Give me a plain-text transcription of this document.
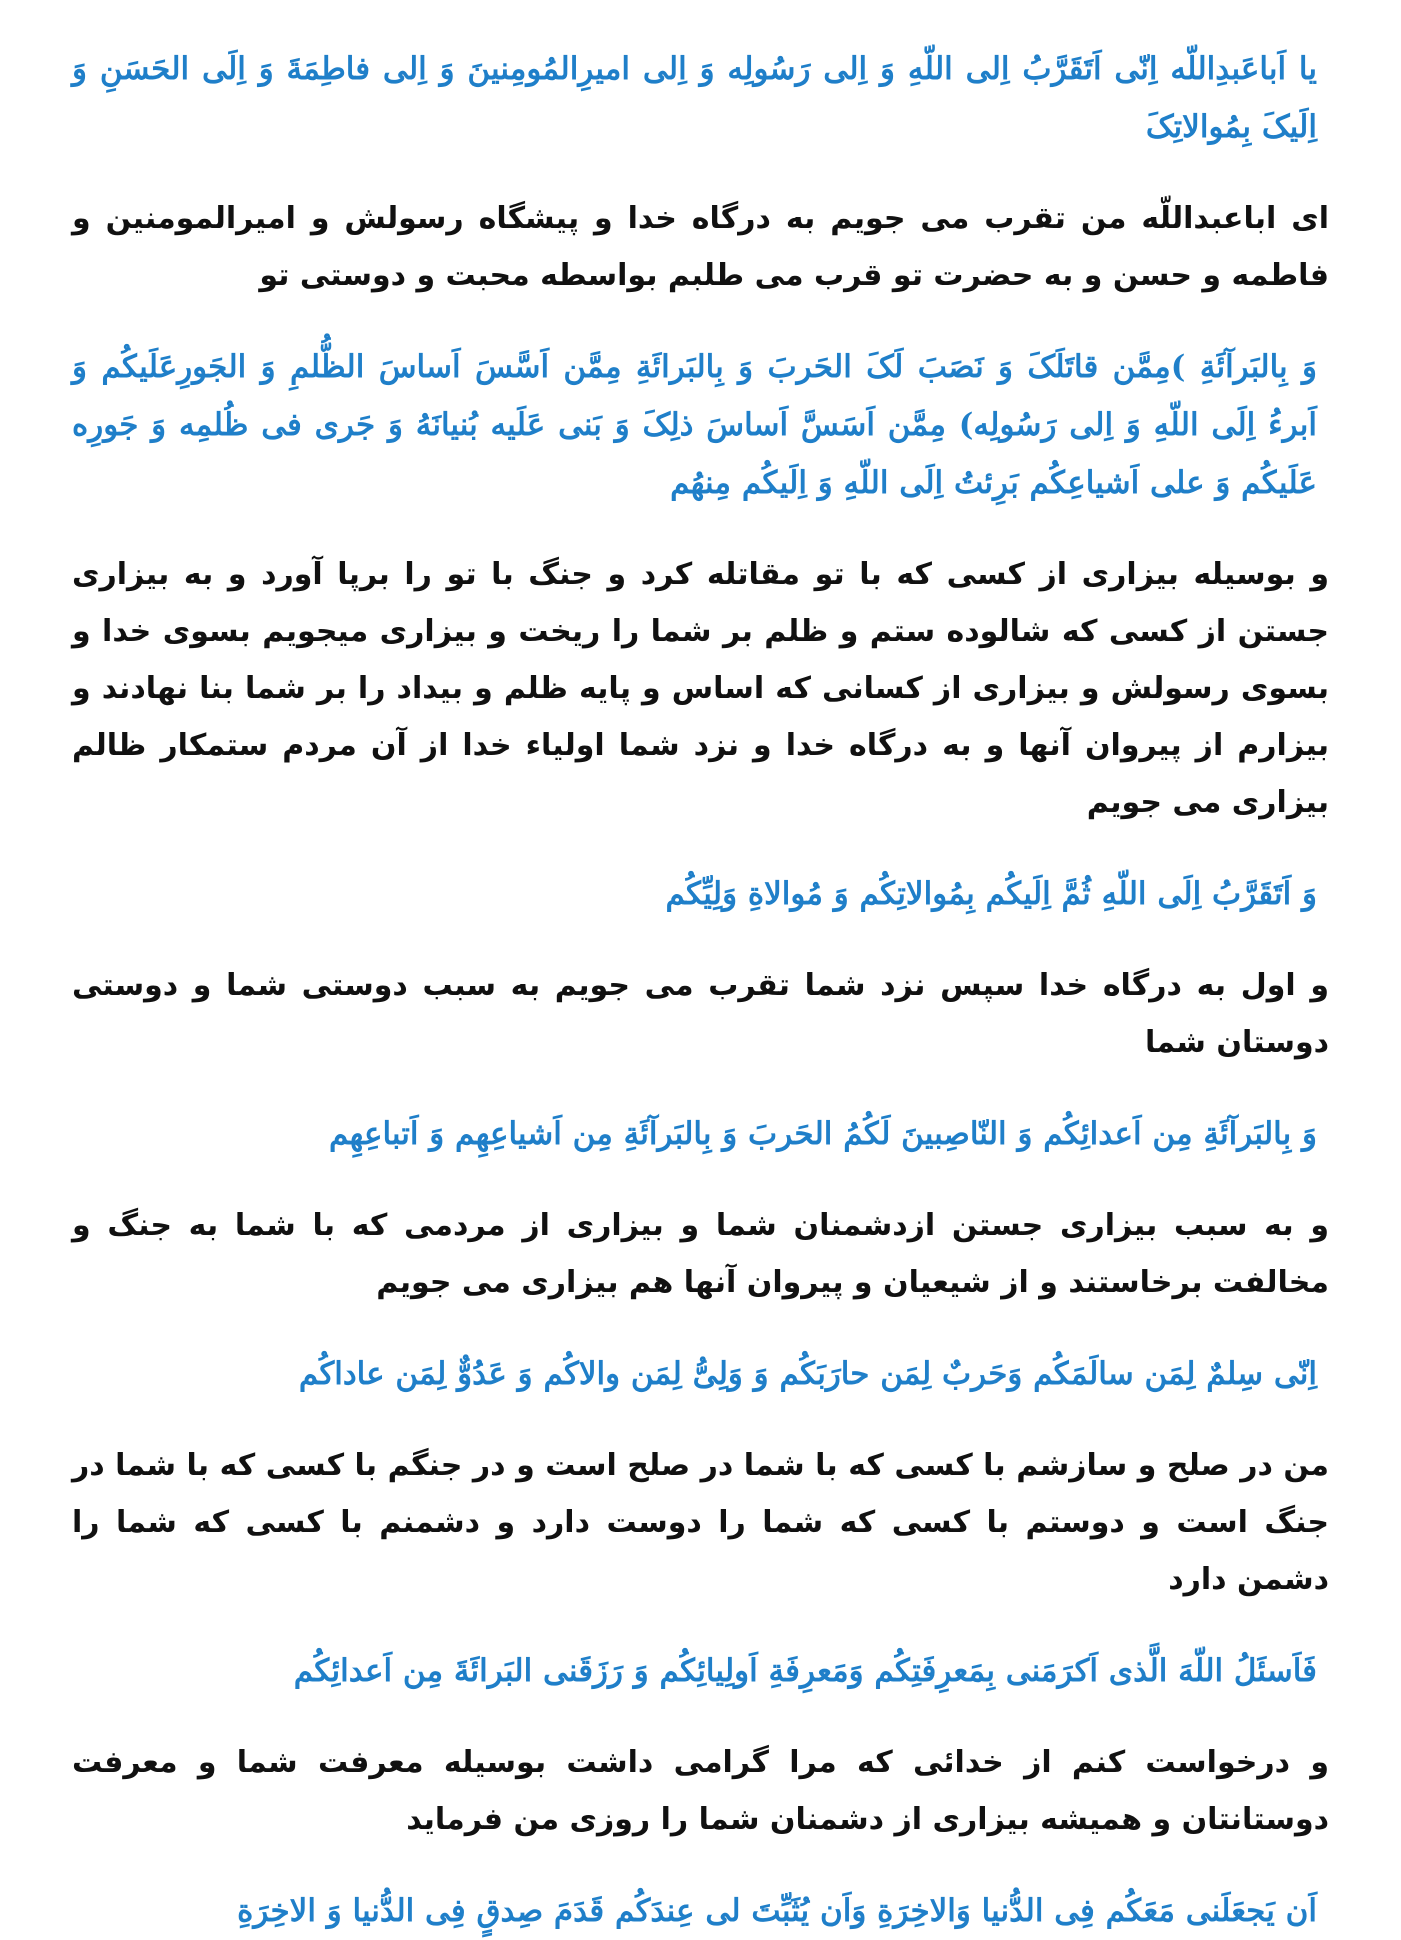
یا اَباعَبدِاللّه اِنّی اَتَقَرَّبُ اِلی اللّهِ وَ اِلی رَسُولِه وَ اِلی امیرِالمُومِنینَ وَ اِلی فاطِمَةَ وَ اِلَی الحَسَنِ وَ اِلَیکَ بِمُوالاتِکَ

ای اباعبداللّه من تقرب می جویم به درگاه خدا و پیشگاه رسولش و امیرالمومنین و فاطمه و حسن و به حضرت تو قرب می طلبم بواسطه محبت و دوستی تو

وَ بِالبَرآئَةِ )مِمَّن قاتَلَکَ وَ نَصَبَ لَکَ الحَربَ وَ بِالبَرائَةِ مِمَّن اَسَّسَ اَساسَ الظُّلمِ وَ الجَورِعَلَیکُم وَ اَبرءُ اِلَی اللّهِ وَ اِلی رَسُولِه) مِمَّن اَسَسَّ اَساسَ ذلِکَ وَ بَنی عَلَیه بُنیانَهُ وَ جَری فی ظُلمِه وَ جَورِه عَلَیکُم وَ علی اَشیاعِکُم بَرِئتُ اِلَی اللّهِ وَ اِلَیکُم مِنهُم

و بوسیله بیزاری از کسی که با تو مقاتله کرد و جنگ با تو را برپا آورد و به بیزاری جستن از کسی که شالوده ستم و ظلم بر شما را ریخت و بیزاری میجویم بسوی خدا و بسوی رسولش و بیزاری از کسانی که اساس و پایه ظلم و بیداد را بر شما بنا نهادند و بیزارم از پیروان آنها و به درگاه خدا و نزد شما اولیاء خدا از آن مردم ستمکار ظالم بیزاری می جویم

وَ اَتَقَرَّبُ اِلَی اللّهِ ثُمَّ اِلَیکُم بِمُوالاتِکُم وَ مُوالاةِ وَلِیِّکُم

و اول به درگاه خدا سپس نزد شما تقرب می جویم به سبب دوستی شما و دوستی دوستان شما

وَ بِالبَرآئَةِ مِن اَعدائِکُم وَ النّاصِبینَ لَکُمُ الحَربَ وَ بِالبَرآئَةِ مِن اَشیاعِهِم وَ اَتباعِهِم

و به سبب بیزاری جستن ازدشمنان شما و بیزاری از مردمی که با شما به جنگ و مخالفت برخاستند و از شیعیان و پیروان آنها هم بیزاری می جویم

اِنّی سِلمٌ لِمَن سالَمَکُم وَحَربٌ لِمَن حارَبَکُم وَ وَلِیُّ لِمَن والاکُم وَ عَدُوٌّ لِمَن عاداکُم

من در صلح و سازشم با کسی که با شما در صلح است و در جنگم با کسی که با شما در جنگ است و دوستم با کسی که شما را دوست دارد و دشمنم با کسی که شما را دشمن دارد

فَاَسئَلُ اللّهَ الَّذی اَکرَمَنی بِمَعرِفَتِکُم وَمَعرِفَةِ اَولِیائِکُم وَ رَزَقَنی البَرائَةَ مِن اَعدائِکُم

و درخواست کنم از خدائی که مرا گرامی داشت بوسیله معرفت شما و معرفت دوستانتان و همیشه بیزاری از دشمنان شما را روزی من فرماید

اَن یَجعَلَنی مَعَکُم فِی الدُّنیا وَالاخِرَةِ وَاَن یُثَبِّتَ لی عِندَکُم قَدَمَ صِدقٍ فِی الدُّنیا وَ الاخِرَةِ
